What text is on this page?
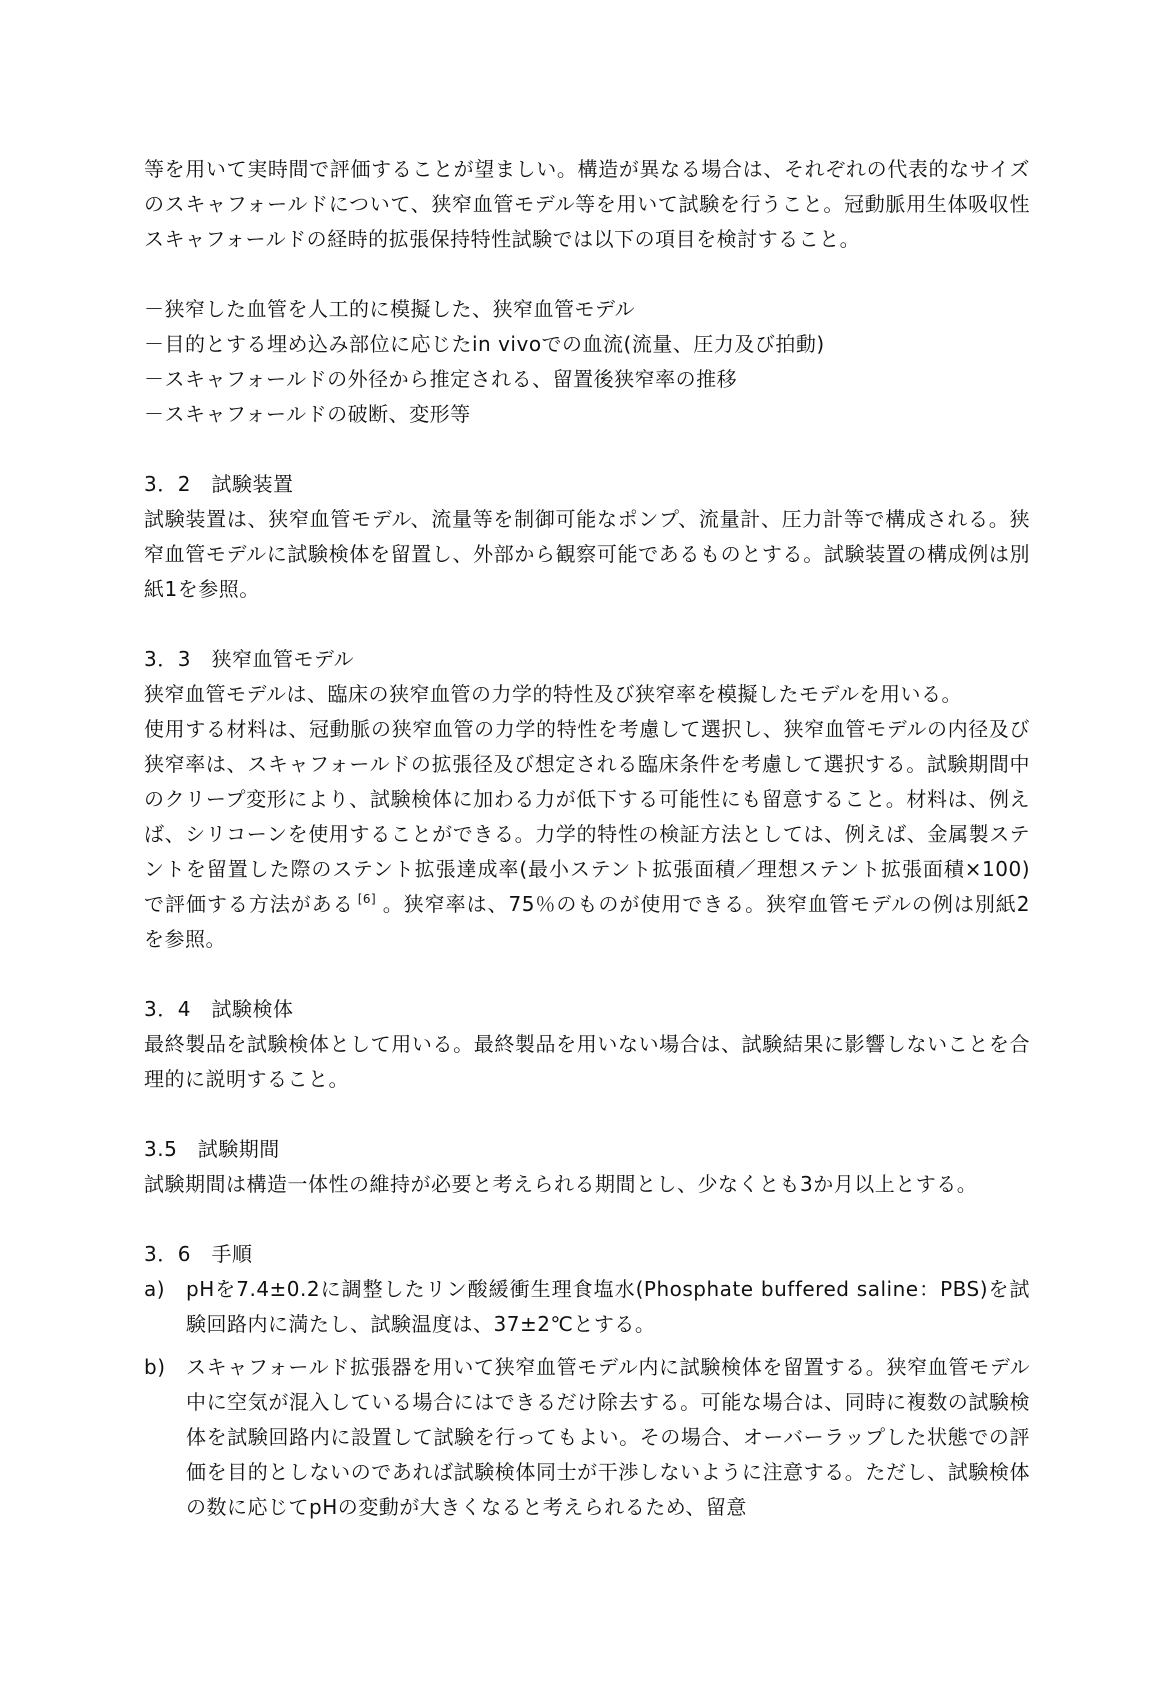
等を用いて実時間で評価することが望ましい。構造が異なる場合は、それぞれの代表的なサイズのスキャフォールドについて、狭窄血管モデル等を用いて試験を行うこと。冠動脈用生体吸収性スキャフォールドの経時的拡張保持特性試験では以下の項目を検討すること。

－狭窄した血管を人工的に模擬した、狭窄血管モデル
－目的とする埋め込み部位に応じたin vivoでの血流(流量、圧力及び拍動)
－スキャフォールドの外径から推定される、留置後狭窄率の推移
－スキャフォールドの破断、変形等
3．2　試験装置

試験装置は、狭窄血管モデル、流量等を制御可能なポンプ、流量計、圧力計等で構成される。狭窄血管モデルに試験検体を留置し、外部から観察可能であるものとする。試験装置の構成例は別紙1を参照。

3．3　狭窄血管モデル

狭窄血管モデルは、臨床の狭窄血管の力学的特性及び狭窄率を模擬したモデルを用いる。

使用する材料は、冠動脈の狭窄血管の力学的特性を考慮して選択し、狭窄血管モデルの内径及び狭窄率は、スキャフォールドの拡張径及び想定される臨床条件を考慮して選択する。試験期間中のクリープ変形により、試験検体に加わる力が低下する可能性にも留意すること。材料は、例えば、シリコーンを使用することができる。力学的特性の検証方法としては、例えば、金属製ステントを留置した際のステント拡張達成率(最小ステント拡張面積／理想ステント拡張面積×100)で評価する方法がある [6] 。狭窄率は、75％のものが使用できる。狭窄血管モデルの例は別紙2を参照。

3．4　試験検体

最終製品を試験検体として用いる。最終製品を用いない場合は、試験結果に影響しないことを合理的に説明すること。

3.5　試験期間

試験期間は構造一体性の維持が必要と考えられる期間とし、少なくとも3か月以上とする。

3．6　手順
a)	pHを7.4±0.2に調整したリン酸緩衝生理食塩水(Phosphate buffered saline：PBS)を試験回路内に満たし、試験温度は、37±2℃とする。
b)	スキャフォールド拡張器を用いて狭窄血管モデル内に試験検体を留置する。狭窄血管モデル中に空気が混入している場合にはできるだけ除去する。可能な場合は、同時に複数の試験検体を試験回路内に設置して試験を行ってもよい。その場合、オーバーラップした状態での評価を目的としないのであれば試験検体同士が干渉しないように注意する。ただし、試験検体の数に応じてpHの変動が大きくなると考えられるため、留意
